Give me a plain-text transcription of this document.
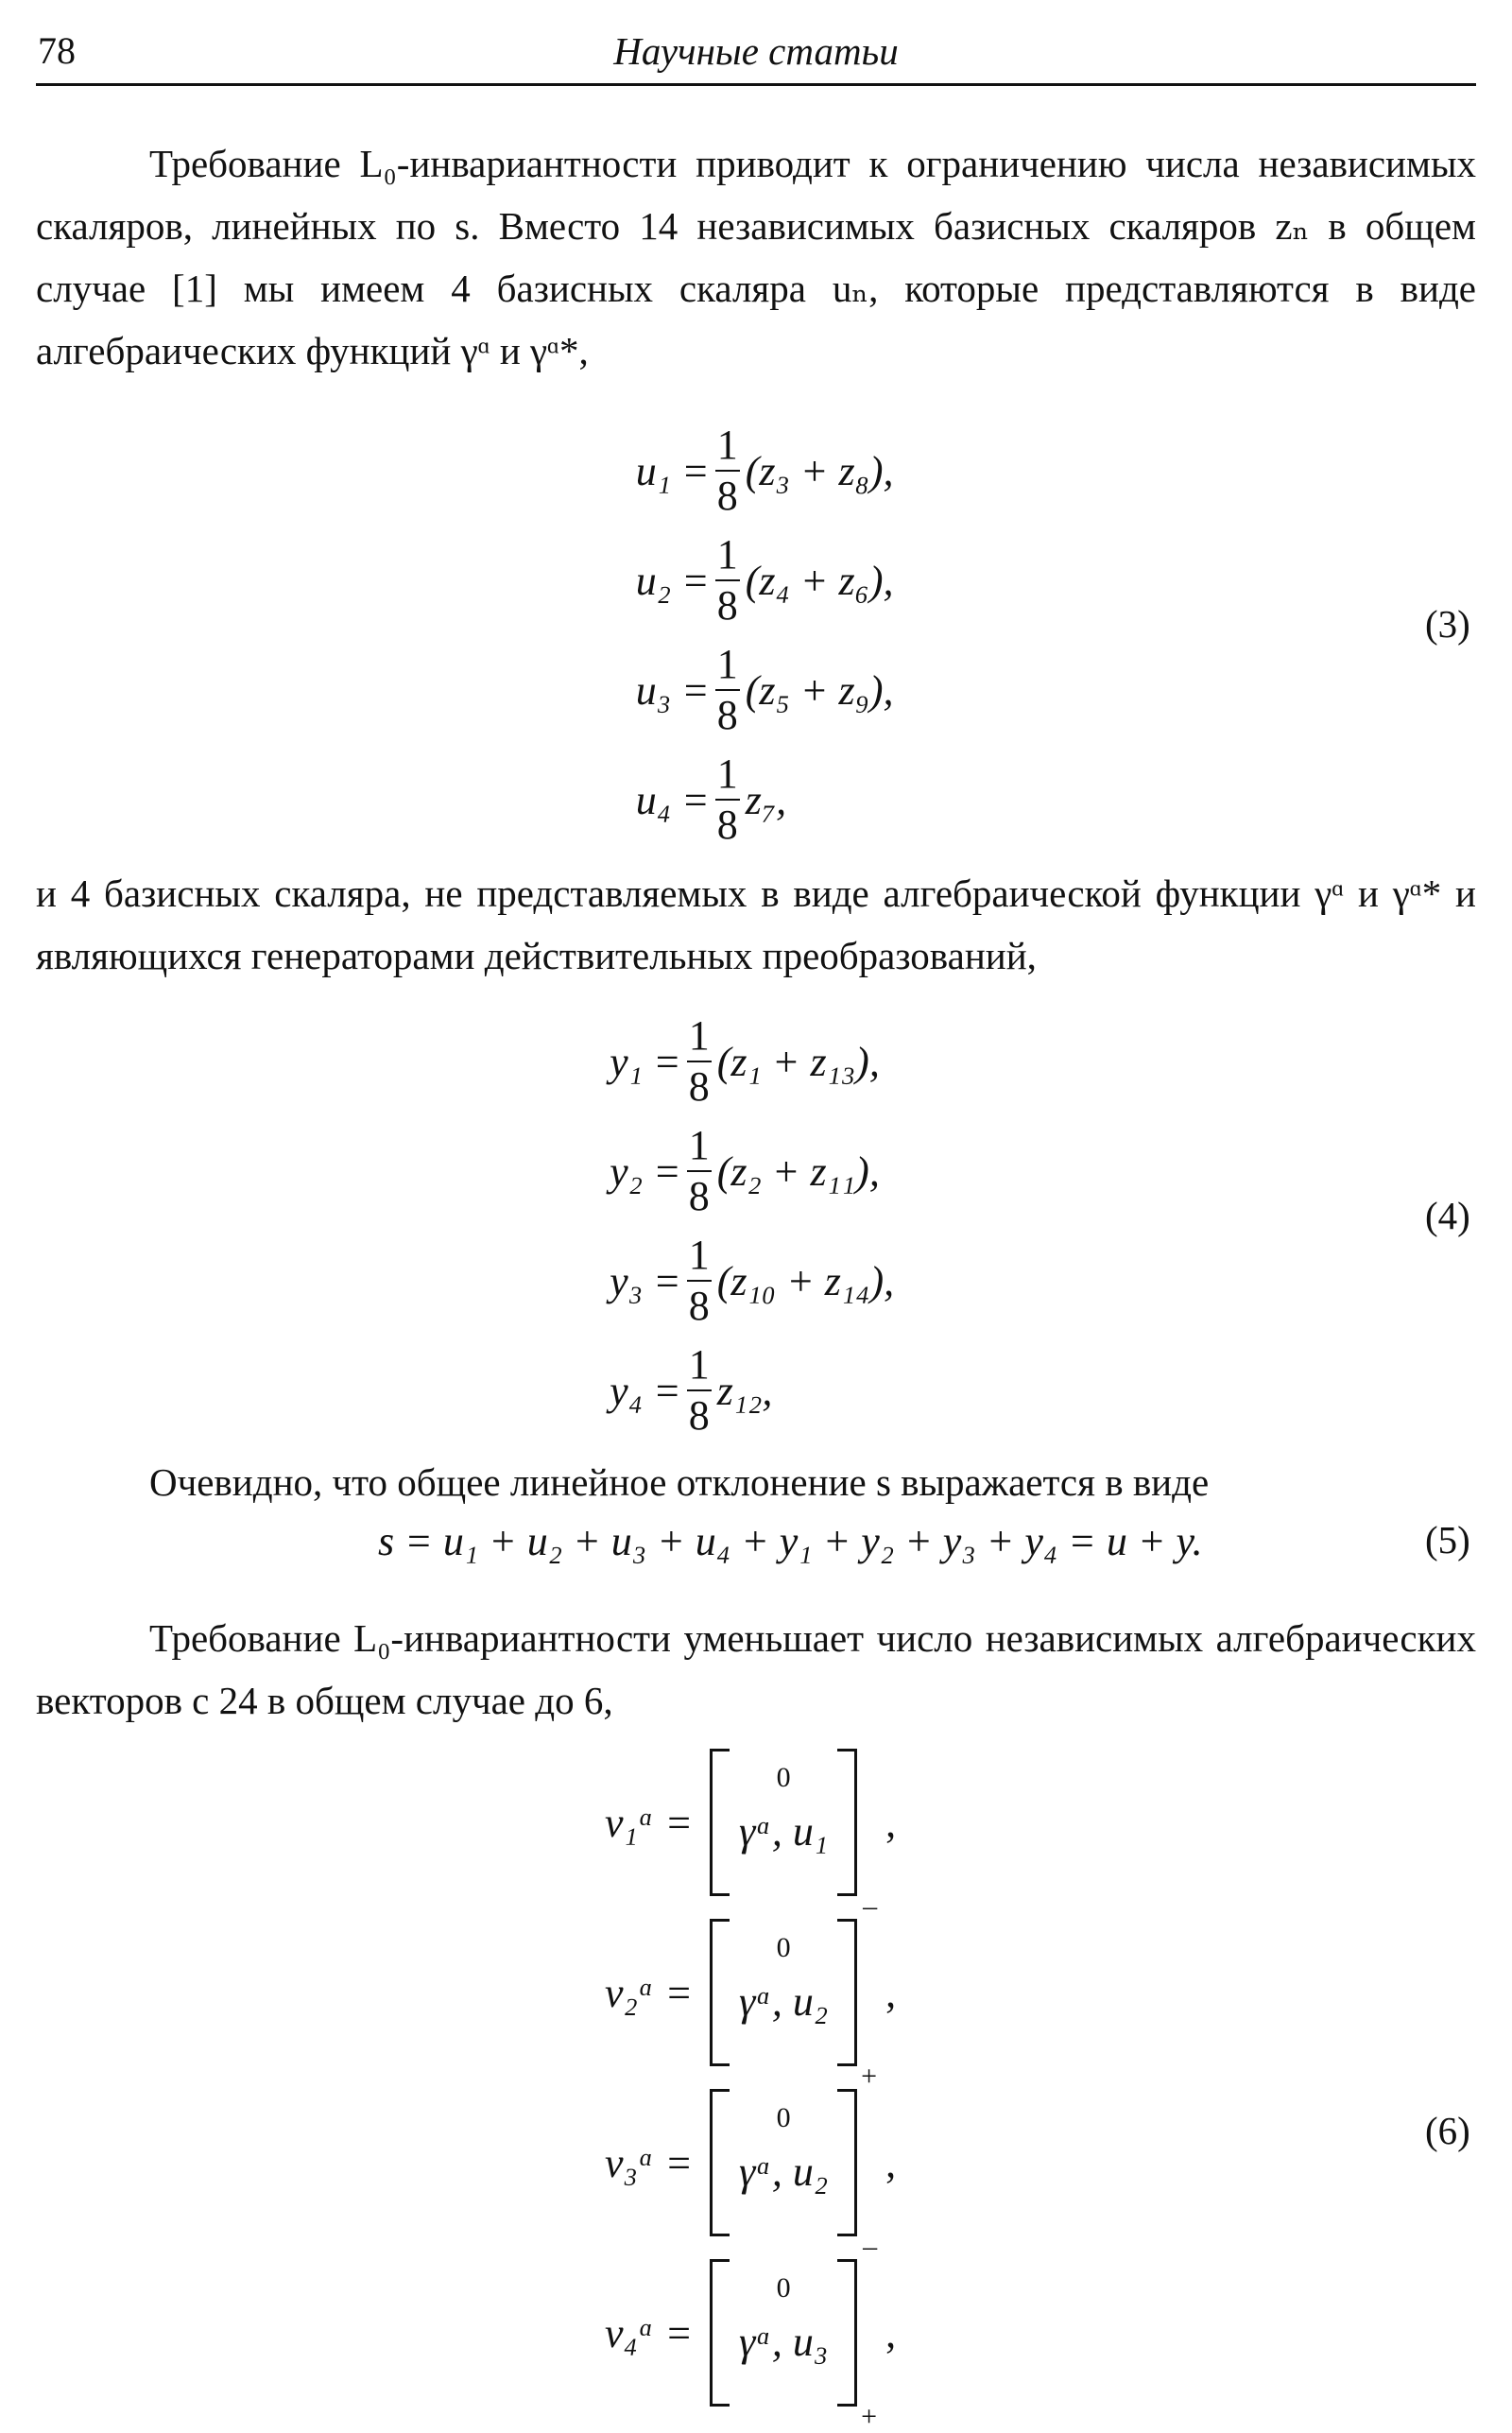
78	Научные статьи
Требование L₀-инвариантности приводит к ограничению числа независимых скаляров, линейных по s. Вместо 14 независимых базисных скаляров zₙ в общем случае [1] мы имеем 4 базисных скаляра uₙ, которые представляются в виде алгебраических функций γᵅ и γᵅ*,
$u_1 = \frac{1}{8} (z_3 + z_8)$,
$u_2 = \frac{1}{8} (z_4 + z_6)$,
$u_3 = \frac{1}{8} (z_5 + z_9)$,
$u_4 = \frac{1}{8} z_7$,
(3)
и 4 базисных скаляра, не представляемых в виде алгебраической функции γᵅ и γᵅ* и являющихся генераторами действительных преобразований,
$y_1 = \frac{1}{8} (z_1 + z_{13})$,
$y_2 = \frac{1}{8} (z_2 + z_{11})$,
$y_3 = \frac{1}{8} (z_{10} + z_{14})$,
$y_4 = \frac{1}{8} z_{12}$,
(4)
Очевидно, что общее линейное отклонение s выражается в виде
s = u₁ + u₂ + u₃ + u₄ + y₁ + y₂ + y₃ + y₄ = u + y.	(5)
Требование L₀-инвариантности уменьшает число независимых алгебраических векторов с 24 в общем случае до 6,
ν₁ᵅ =
0
γᵅ, u₁
–
,
ν₂ᵅ =
0
γᵅ, u₂
+
,
ν₃ᵅ =
0
γᵅ, u₂
–
,
ν₄ᵅ =
0
γᵅ, u₃
+
,
(6)
